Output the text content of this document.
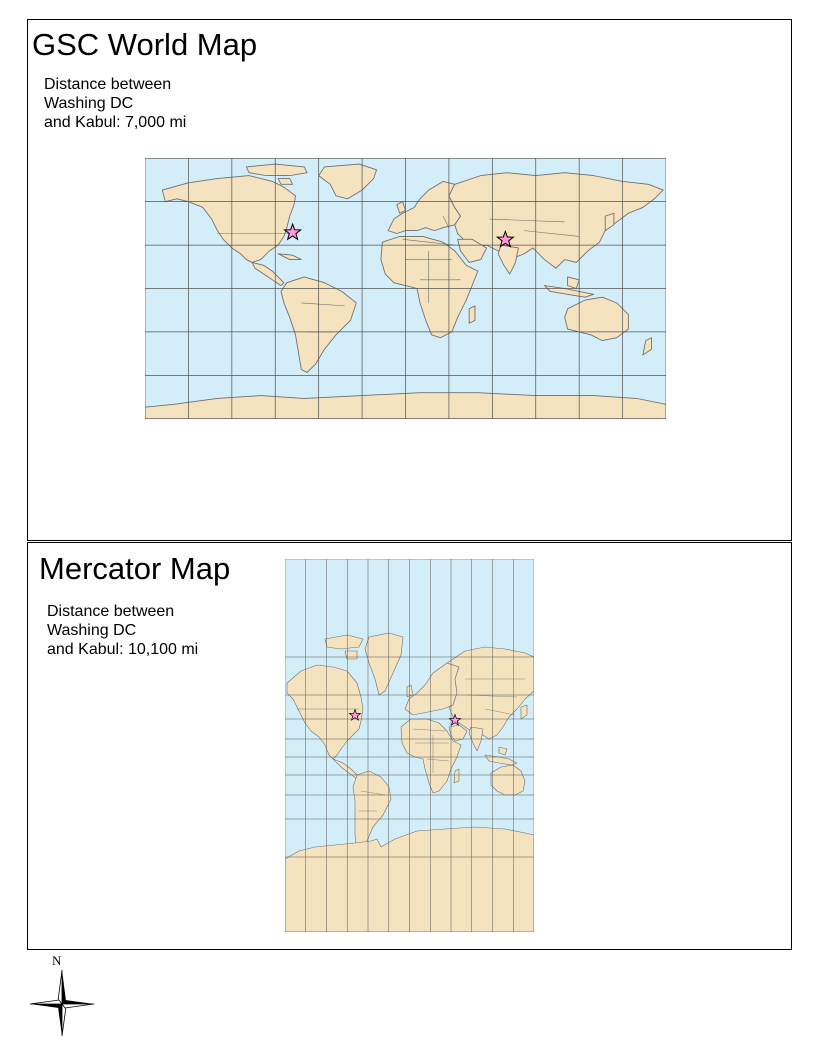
GSC World Map
Distance between
Washing DC
and Kabul: 7,000 mi
Mercator Map
Distance between
Washing DC
and Kabul: 10,100 mi
N
